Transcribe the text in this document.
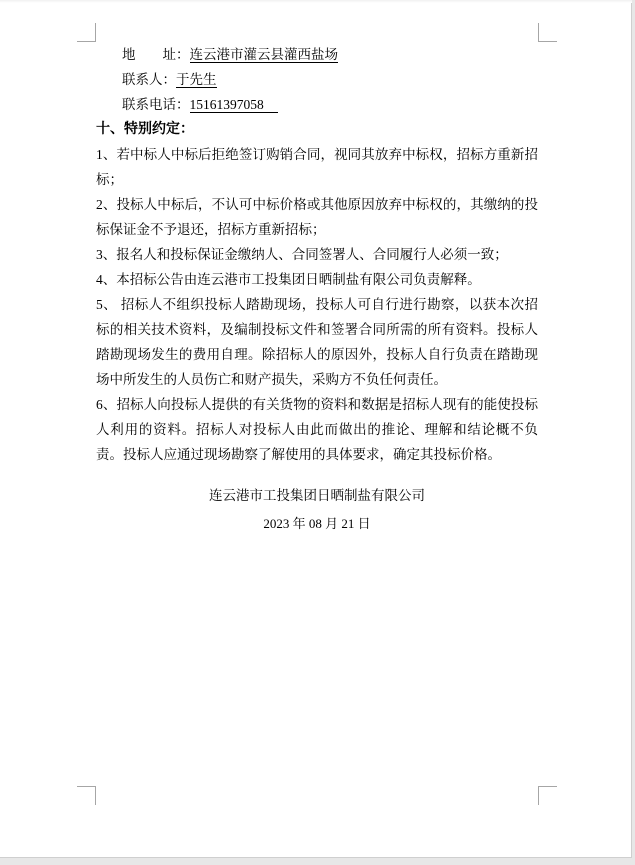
地　　址：连云港市灌云县灌西盐场
联系人：于先生
联系电话：15161397058
十、特别约定：
1、若中标人中标后拒绝签订购销合同，视同其放弃中标权，招标方重新招标；
2、投标人中标后，不认可中标价格或其他原因放弃中标权的，其缴纳的投标保证金不予退还，招标方重新招标；
3、报名人和投标保证金缴纳人、合同签署人、合同履行人必须一致；
4、本招标公告由连云港市工投集团日晒制盐有限公司负责解释。
5、 招标人不组织投标人踏勘现场，投标人可自行进行勘察，以获本次招标的相关技术资料，及编制投标文件和签署合同所需的所有资料。投标人踏勘现场发生的费用自理。除招标人的原因外，投标人自行负责在踏勘现场中所发生的人员伤亡和财产损失，采购方不负任何责任。
6、招标人向投标人提供的有关货物的资料和数据是招标人现有的能使投标人利用的资料。招标人对投标人由此而做出的推论、理解和结论概不负责。投标人应通过现场勘察了解使用的具体要求，确定其投标价格。
连云港市工投集团日晒制盐有限公司
2023 年 08 月 21 日
